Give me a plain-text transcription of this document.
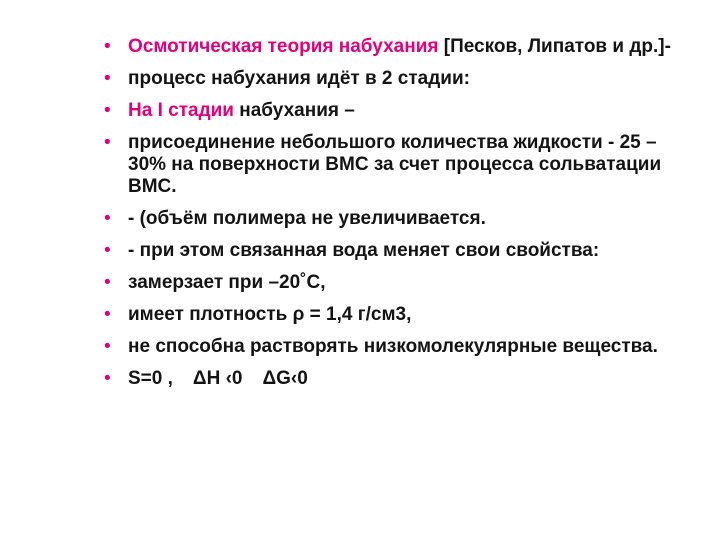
• Осмотическая теория набухания [Песков, Липатов и др.]-
• процесс набухания идёт в 2 стадии:
• На I стадии набухания –
• присоединение небольшого количества жидкости - 25 –30% на поверхности ВМС за счет процесса сольватации ВМС.
• - (объём полимера не увеличивается.
• - при этом связанная вода меняет свои свойства:
• замерзает при –20˚С,
• имеет плотность ρ = 1,4 г/см3,
• не способна растворять низкомолекулярные вещества.
• S=0 , ΔH ‹0 ΔG‹0
